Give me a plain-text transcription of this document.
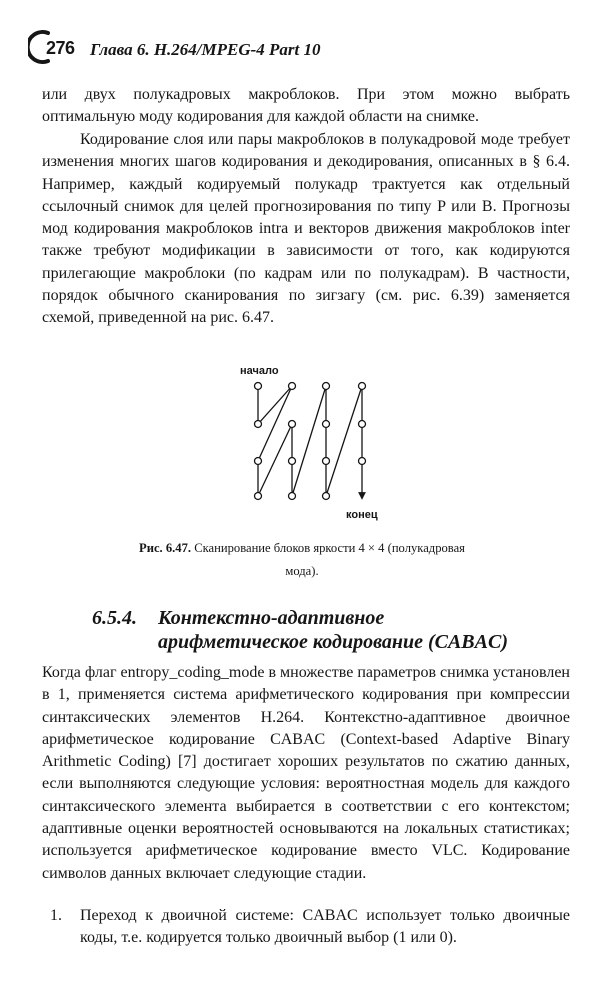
276 Глава 6. H.264/MPEG-4 Part 10

или двух полукадровых макроблоков. При этом можно выбрать оптимальную моду кодирования для каждой области на снимке.

Кодирование слоя или пары макроблоков в полукадровой моде требует изменения многих шагов кодирования и декодирования, описанных в § 6.4. Например, каждый кодируемый полукадр трактуется как отдельный ссылочный снимок для целей прогнозирования по типу P или B. Прогнозы мод кодирования макроблоков intra и векторов движения макроблоков inter также требуют модификации в зависимости от того, как кодируются прилегающие макроблоки (по кадрам или по полукадрам). В частности, порядок обычного сканирования по зигзагу (см. рис. 6.39) заменяется схемой, приведенной на рис. 6.47.

начало
конец

Рис. 6.47. Сканирование блоков яркости 4 × 4 (полукадровая мода).

6.5.4. Контекстно-адаптивное
арифметическое кодирование (CABAC)

Когда флаг entropy_coding_mode в множестве параметров снимка установлен в 1, применяется система арифметического кодирования при компрессии синтаксических элементов H.264. Контекстно-адаптивное двоичное арифметическое кодирование CABAC (Context-based Adaptive Binary Arithmetic Coding) [7] достигает хороших результатов по сжатию данных, если выполняются следующие условия: вероятностная модель для каждого синтаксического элемента выбирается в соответствии с его контекстом; адаптивные оценки вероятностей основываются на локальных статистиках; используется арифметическое кодирование вместо VLC. Кодирование символов данных включает следующие стадии.

1. Переход к двоичной системе: CABAC использует только двоичные коды, т.е. кодируется только двоичный выбор (1 или 0).
